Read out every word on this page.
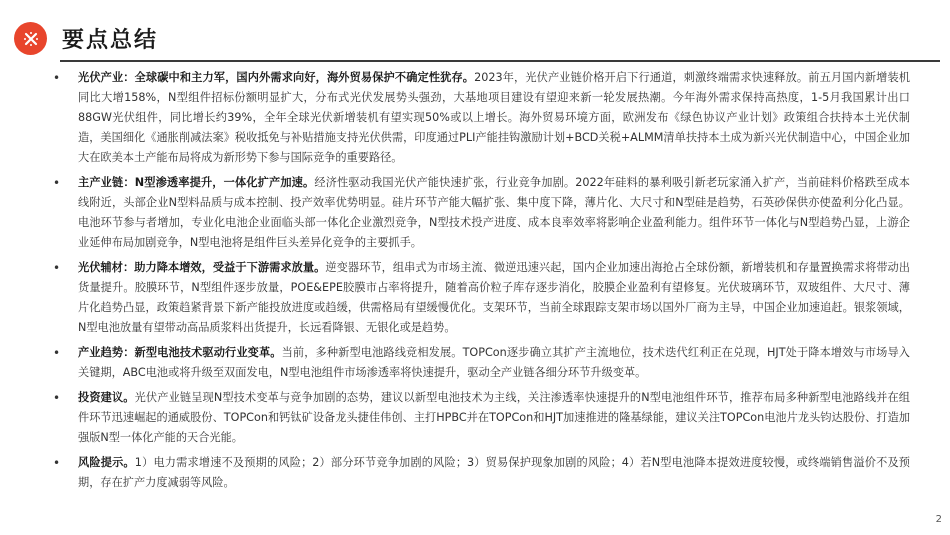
要点总结
• 光伏产业：全球碳中和主力军，国内外需求向好，海外贸易保护不确定性犹存。2023年，光伏产业链价格开启下行通道，刺激终端需求快速释放。前五月国内新增装机同比大增158%，N型组件招标份额明显扩大，分布式光伏发展势头强劲，大基地项目建设有望迎来新一轮发展热潮。今年海外需求保持高热度，1-5月我国累计出口88GW光伏组件，同比增长约39%，全年全球光伏新增装机有望实现50%或以上增长。海外贸易环境方面，欧洲发布《绿色协议产业计划》政策组合扶持本土光伏制造，美国细化《通胀削减法案》税收抵免与补贴措施支持光伏供需，印度通过PLI产能挂钩激励计划+BCD关税+ALMM清单扶持本土成为新兴光伏制造中心，中国企业加大在欧美本土产能布局将成为新形势下参与国际竞争的重要路径。
• 主产业链：N型渗透率提升，一体化扩产加速。经济性驱动我国光伏产能快速扩张，行业竞争加剧。2022年硅料的暴利吸引新老玩家涌入扩产，当前硅料价格跌至成本线附近，头部企业N型料品质与成本控制、投产效率优势明显。硅片环节产能大幅扩张、集中度下降，薄片化、大尺寸和N型硅是趋势，石英砂保供亦使盈利分化凸显。电池环节参与者增加，专业化电池企业面临头部一体化企业激烈竞争，N型技术投产进度、成本良率效率将影响企业盈利能力。组件环节一体化与N型趋势凸显，上游企业延伸布局加剧竞争，N型电池将是组件巨头差异化竞争的主要抓手。
• 光伏辅材：助力降本增效，受益于下游需求放量。逆变器环节，组串式为市场主流、微逆迅速兴起，国内企业加速出海抢占全球份额，新增装机和存量置换需求将带动出货量提升。胶膜环节，N型组件逐步放量，POE&EPE胶膜市占率将提升，随着高价粒子库存逐步消化，胶膜企业盈利有望修复。光伏玻璃环节，双玻组件、大尺寸、薄片化趋势凸显，政策趋紧背景下新产能投放进度或趋缓，供需格局有望缓慢优化。支架环节，当前全球跟踪支架市场以国外厂商为主导，中国企业加速追赶。银浆领域，N型电池放量有望带动高品质浆料出货提升，长远看降银、无银化或是趋势。
• 产业趋势：新型电池技术驱动行业变革。当前，多种新型电池路线竞相发展。TOPCon逐步确立其扩产主流地位，技术迭代红利正在兑现，HJT处于降本增效与市场导入关键期，ABC电池或将升级至双面发电，N型电池组件市场渗透率将快速提升，驱动全产业链各细分环节升级变革。
• 投资建议。光伏产业链呈现N型技术变革与竞争加剧的态势，建议以新型电池技术为主线，关注渗透率快速提升的N型电池组件环节，推荐布局多种新型电池路线并在组件环节迅速崛起的通威股份、TOPCon和钙钛矿设备龙头捷佳伟创、主打HPBC并在TOPCon和HJT加速推进的隆基绿能，建议关注TOPCon电池片龙头钧达股份、打造加强版N型一体化产能的天合光能。
• 风险提示。1）电力需求增速不及预期的风险；2）部分环节竞争加剧的风险；3）贸易保护现象加剧的风险；4）若N型电池降本提效进度较慢，或终端销售溢价不及预期，存在扩产力度减弱等风险。
2
